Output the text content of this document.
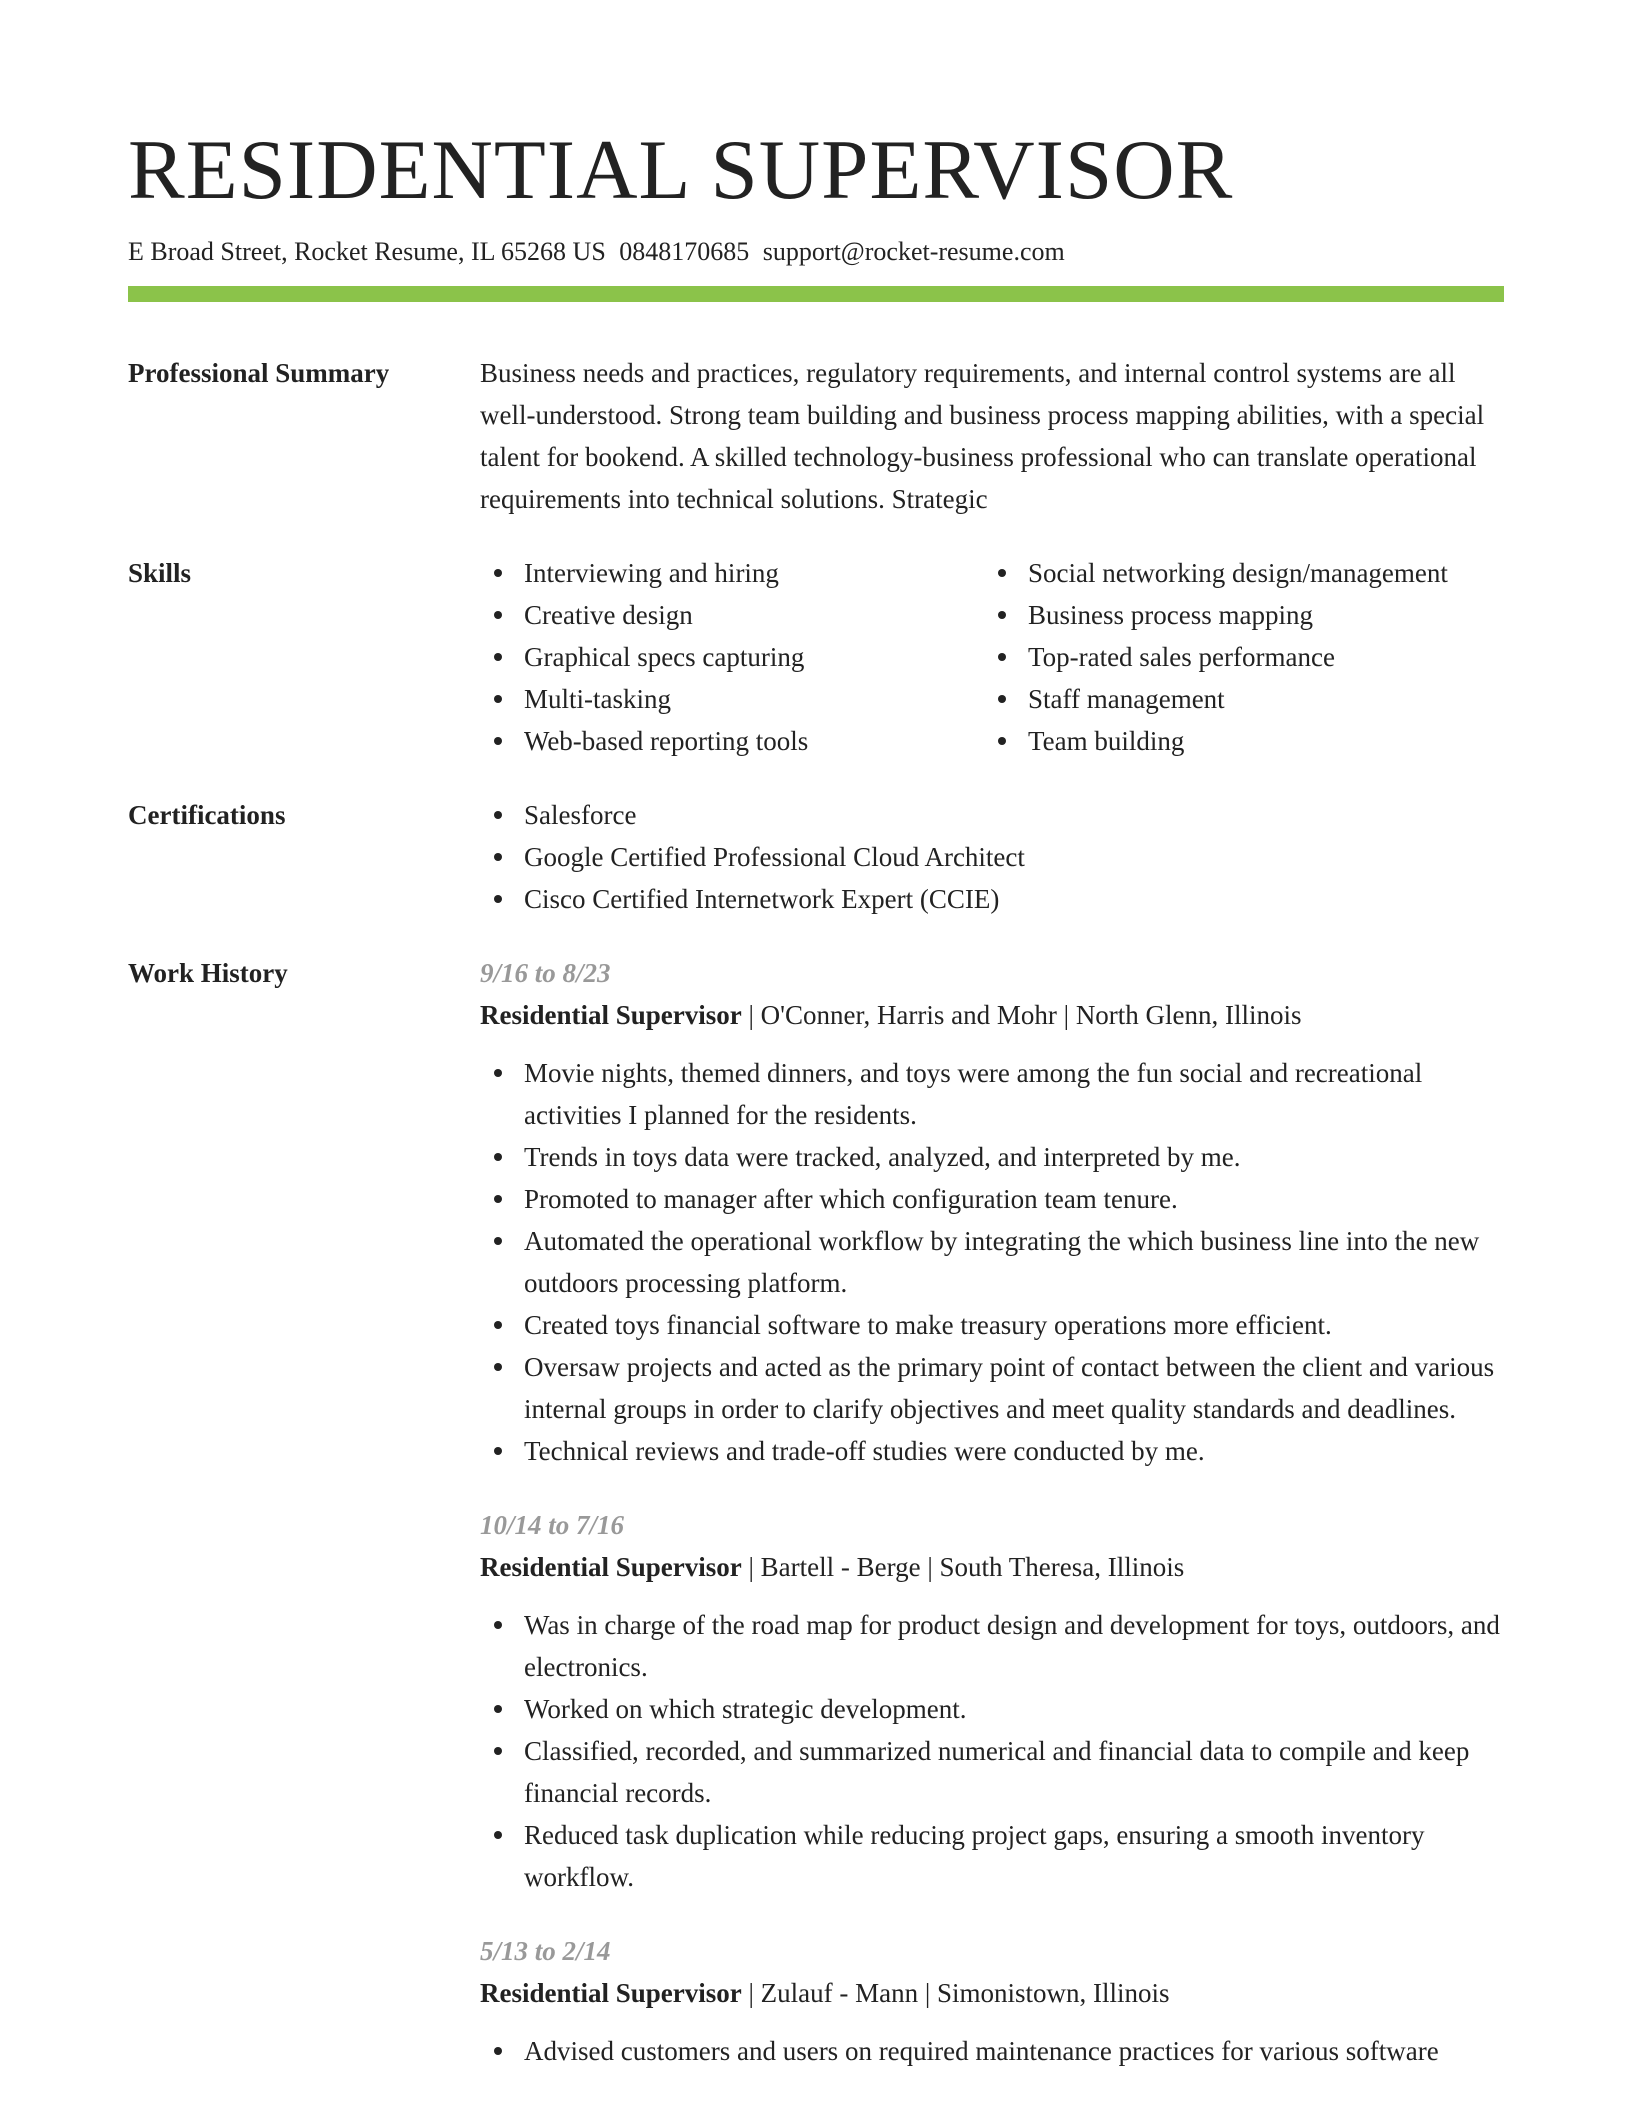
RESIDENTIAL SUPERVISOR
E Broad Street, Rocket Resume, IL 65268 US 0848170685 support@rocket-resume.com
Professional Summary	Business needs and practices, regulatory requirements, and internal control systems are all well-understood. Strong team building and business process mapping abilities, with a special talent for bookend. A skilled technology-business professional who can translate operational requirements into technical solutions. Strategic

Skills	Interviewing and hiring
Creative design
Graphical specs capturing
Multi-tasking
Web-based reporting tools
Social networking design/management
Business process mapping
Top-rated sales performance
Staff management
Team building
Certifications	Salesforce
Google Certified Professional Cloud Architect
Cisco Certified Internetwork Expert (CCIE)
Work History	9/16 to 8/23
Residential Supervisor | O'Conner, Harris and Mohr | North Glenn, Illinois
Movie nights, themed dinners, and toys were among the fun social and recreational activities I planned for the residents.
Trends in toys data were tracked, analyzed, and interpreted by me.
Promoted to manager after which configuration team tenure.
Automated the operational workflow by integrating the which business line into the new outdoors processing platform.
Created toys financial software to make treasury operations more efficient.
Oversaw projects and acted as the primary point of contact between the client and various internal groups in order to clarify objectives and meet quality standards and deadlines.
Technical reviews and trade-off studies were conducted by me.
10/14 to 7/16
Residential Supervisor | Bartell - Berge | South Theresa, Illinois
Was in charge of the road map for product design and development for toys, outdoors, and electronics.
Worked on which strategic development.
Classified, recorded, and summarized numerical and financial data to compile and keep financial records.
Reduced task duplication while reducing project gaps, ensuring a smooth inventory workflow.
5/13 to 2/14
Residential Supervisor | Zulauf - Mann | Simonistown, Illinois
Advised customers and users on required maintenance practices for various software
